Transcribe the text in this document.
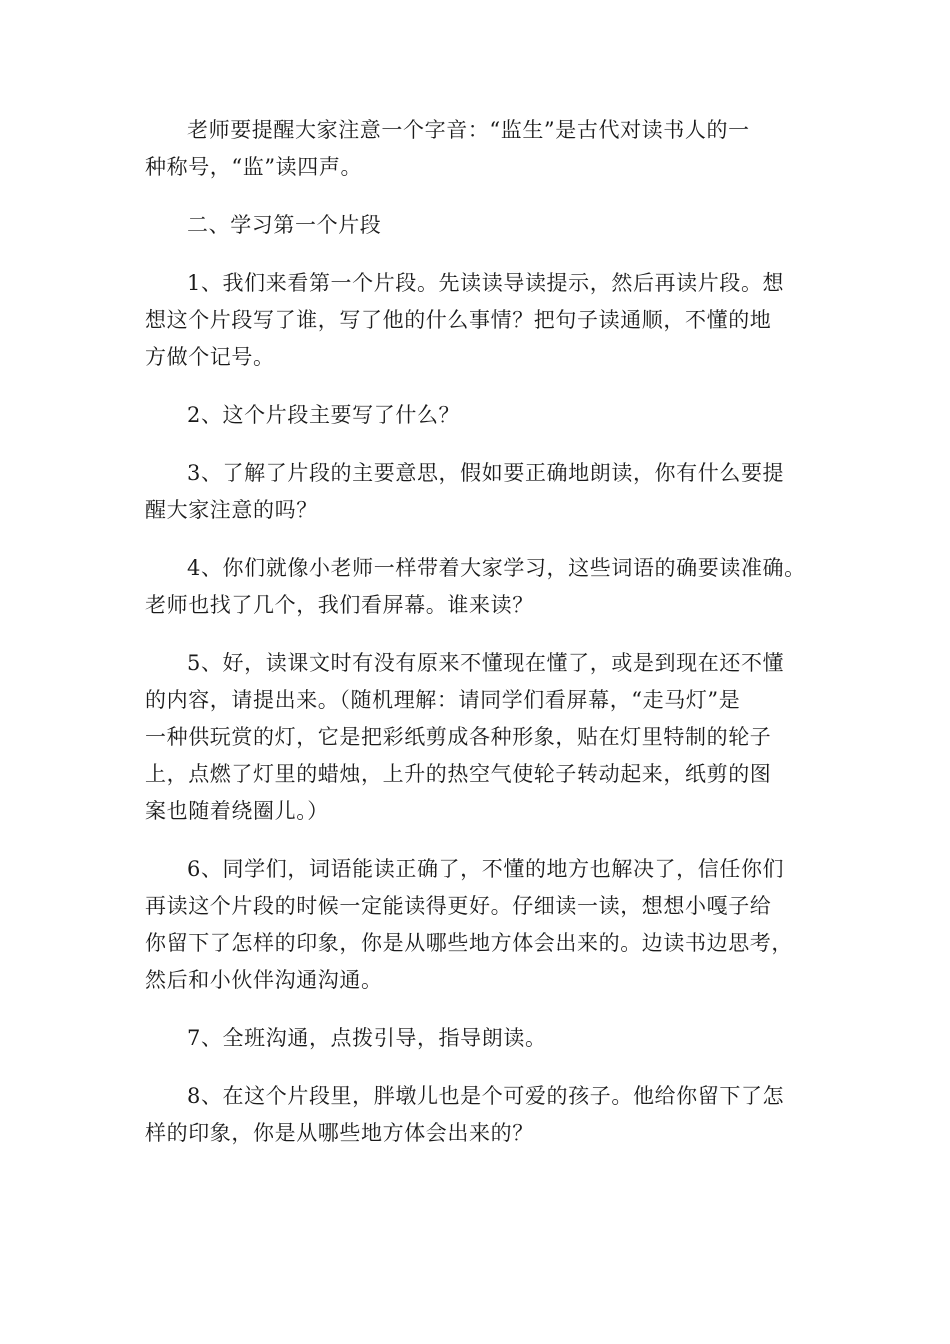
老师要提醒大家注意一个字音：“监生”是古代对读书人的一
种称号，“监”读四声。

二、学习第一个片段

1、我们来看第一个片段。先读读导读提示，然后再读片段。想
想这个片段写了谁，写了他的什么事情？把句子读通顺，不懂的地
方做个记号。

2、这个片段主要写了什么？

3、了解了片段的主要意思，假如要正确地朗读，你有什么要提
醒大家注意的吗？

4、你们就像小老师一样带着大家学习，这些词语的确要读准确。
老师也找了几个，我们看屏幕。谁来读？

5、好，读课文时有没有原来不懂现在懂了，或是到现在还不懂
的内容，请提出来。（随机理解：请同学们看屏幕，“走马灯”是
一种供玩赏的灯，它是把彩纸剪成各种形象，贴在灯里特制的轮子
上，点燃了灯里的蜡烛，上升的热空气使轮子转动起来，纸剪的图
案也随着绕圈儿。）

6、同学们，词语能读正确了，不懂的地方也解决了，信任你们
再读这个片段的时候一定能读得更好。仔细读一读，想想小嘎子给
你留下了怎样的印象，你是从哪些地方体会出来的。边读书边思考，
然后和小伙伴沟通沟通。

7、全班沟通，点拨引导，指导朗读。

8、在这个片段里，胖墩儿也是个可爱的孩子。他给你留下了怎
样的印象，你是从哪些地方体会出来的？
